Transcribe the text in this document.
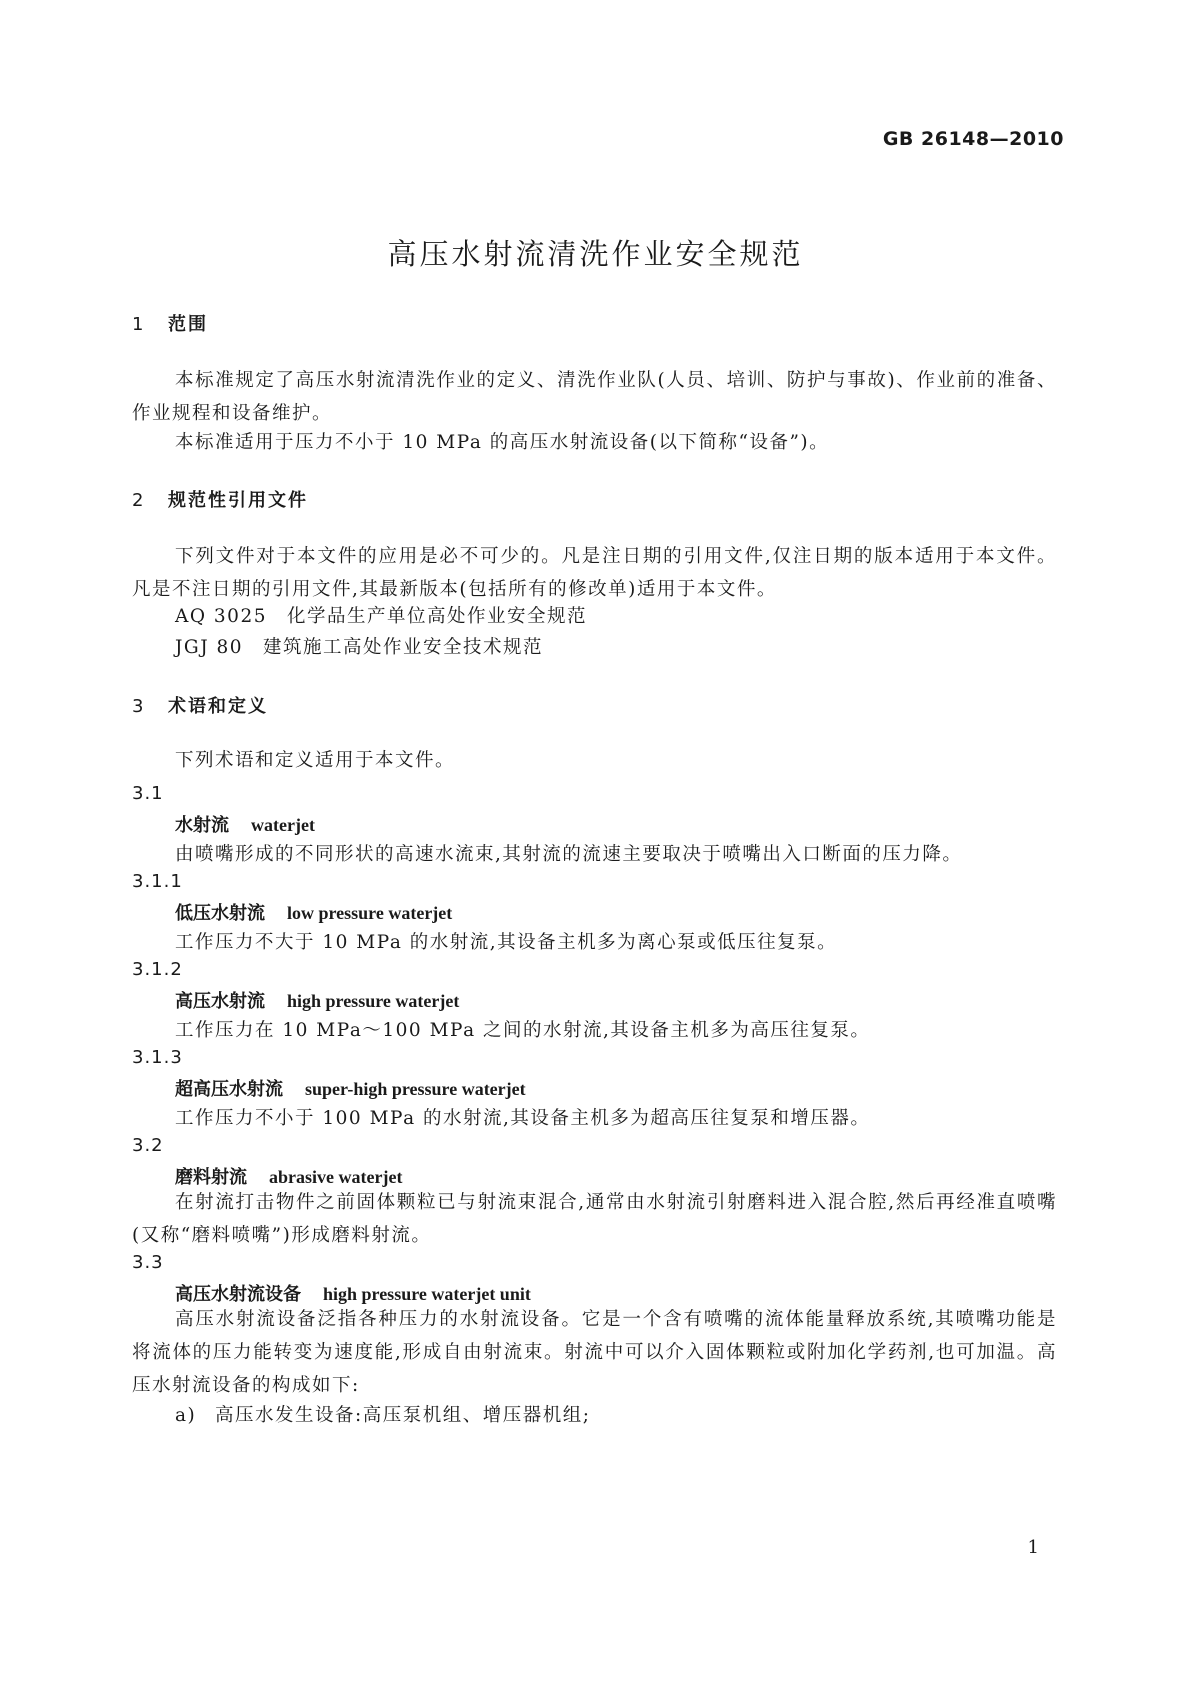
GB 26148—2010
高压水射流清洗作业安全规范
1 范围

本标准规定了高压水射流清洗作业的定义、清洗作业队(人员、培训、防护与事故)、作业前的准备、作业规程和设备维护。

本标准适用于压力不小于 10 MPa 的高压水射流设备(以下简称“设备”)。
2 规范性引用文件

下列文件对于本文件的应用是必不可少的。凡是注日期的引用文件,仅注日期的版本适用于本文件。凡是不注日期的引用文件,其最新版本(包括所有的修改单)适用于本文件。

AQ 3025 化学品生产单位高处作业安全规范
JGJ 80 建筑施工高处作业安全技术规范
3 术语和定义
下列术语和定义适用于本文件。
3.1
水射流 waterjet
由喷嘴形成的不同形状的高速水流束,其射流的流速主要取决于喷嘴出入口断面的压力降。
3.1.1
低压水射流 low pressure waterjet
工作压力不大于 10 MPa 的水射流,其设备主机多为离心泵或低压往复泵。
3.1.2
高压水射流 high pressure waterjet
工作压力在 10 MPa～100 MPa 之间的水射流,其设备主机多为高压往复泵。
3.1.3
超高压水射流 super-high pressure waterjet
工作压力不小于 100 MPa 的水射流,其设备主机多为超高压往复泵和增压器。
3.2
磨料射流 abrasive waterjet

在射流打击物件之前固体颗粒已与射流束混合,通常由水射流引射磨料进入混合腔,然后再经准直喷嘴(又称“磨料喷嘴”)形成磨料射流。

3.3
高压水射流设备 high pressure waterjet unit

高压水射流设备泛指各种压力的水射流设备。它是一个含有喷嘴的流体能量释放系统,其喷嘴功能是将流体的压力能转变为速度能,形成自由射流束。射流中可以介入固体颗粒或附加化学药剂,也可加温。高压水射流设备的构成如下:

a) 高压水发生设备:高压泵机组、增压器机组;
1
